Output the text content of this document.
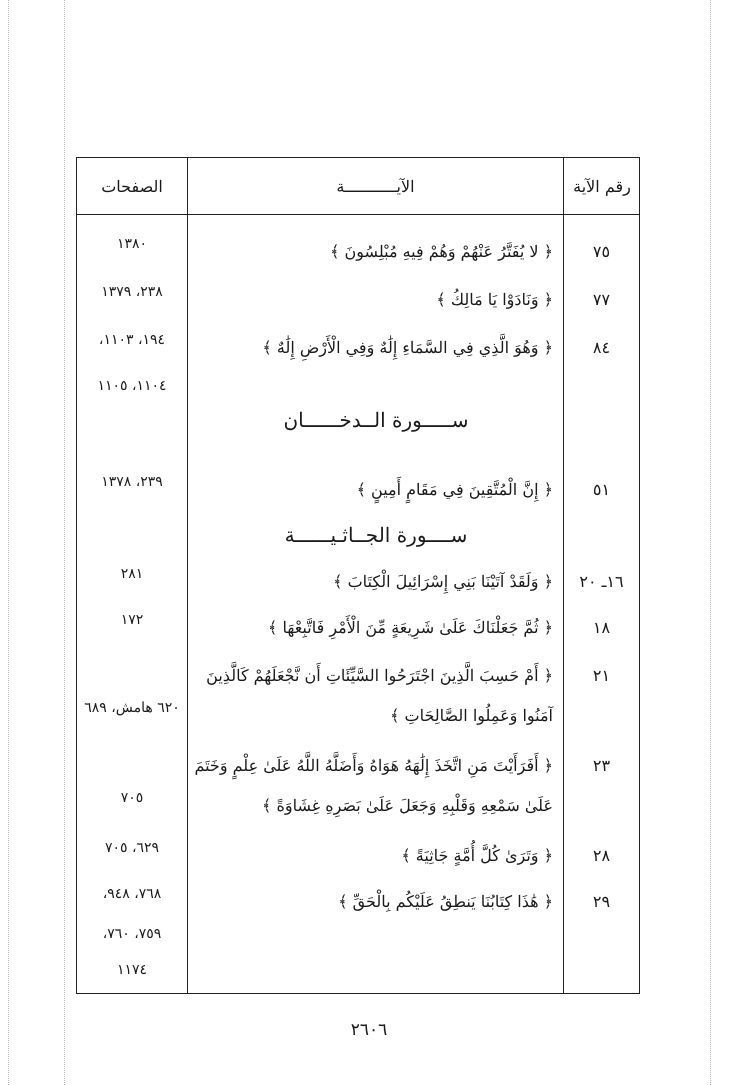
الصفحات	الآيـــــــــــة	رقم الآية
٧٥
﴿ لا يُفَتَّرُ عَنْهُمْ وَهُمْ فِيهِ مُبْلِسُونَ ﴾
١٣٨٠
٧٧
﴿ وَنَادَوْا يَا مَالِكُ ﴾
٢٣٨، ١٣٧٩
٨٤
﴿ وَهُوَ الَّذِي فِي السَّمَاءِ إِلَٰهٌ وَفِي الْأَرْضِ إِلَٰهٌ ﴾
١٩٤، ١١٠٣،
١١٠٤، ١١٠٥
ســـــورة الــدخــــــان
٥١
﴿ إِنَّ الْمُتَّقِينَ فِي مَقَامٍ أَمِينٍ ﴾
٢٣٩، ١٣٧٨
ســــورة الجــاثـيــــــة
١٦ـ ٢٠
﴿ وَلَقَدْ آتَيْنَا بَنِي إِسْرَائِيلَ الْكِتَابَ ﴾
٢٨١
١٨
﴿ ثُمَّ جَعَلْنَاكَ عَلَىٰ شَرِيعَةٍ مِّنَ الْأَمْرِ فَاتَّبِعْهَا ﴾
١٧٢
٢١
﴿ أَمْ حَسِبَ الَّذِينَ اجْتَرَحُوا السَّيِّئَاتِ أَن نَّجْعَلَهُمْ كَالَّذِينَ
آمَنُوا وَعَمِلُوا الصَّالِحَاتِ ﴾
٦٢٠ هامش، ٦٨٩
٢٣
﴿ أَفَرَأَيْتَ مَنِ اتَّخَذَ إِلَٰهَهُ هَوَاهُ وَأَضَلَّهُ اللَّهُ عَلَىٰ عِلْمٍ وَخَتَمَ
عَلَىٰ سَمْعِهِ وَقَلْبِهِ وَجَعَلَ عَلَىٰ بَصَرِهِ غِشَاوَةً ﴾
٧٠٥
٢٨
﴿ وَتَرَىٰ كُلَّ أُمَّةٍ جَاثِيَةً ﴾
٦٢٩، ٧٠٥
٢٩
﴿ هَٰذَا كِتَابُنَا يَنطِقُ عَلَيْكُم بِالْحَقِّ ﴾
٧٦٨، ٩٤٨،
٧٥٩، ٧٦٠،
١١٧٤
٢٦٠٦
